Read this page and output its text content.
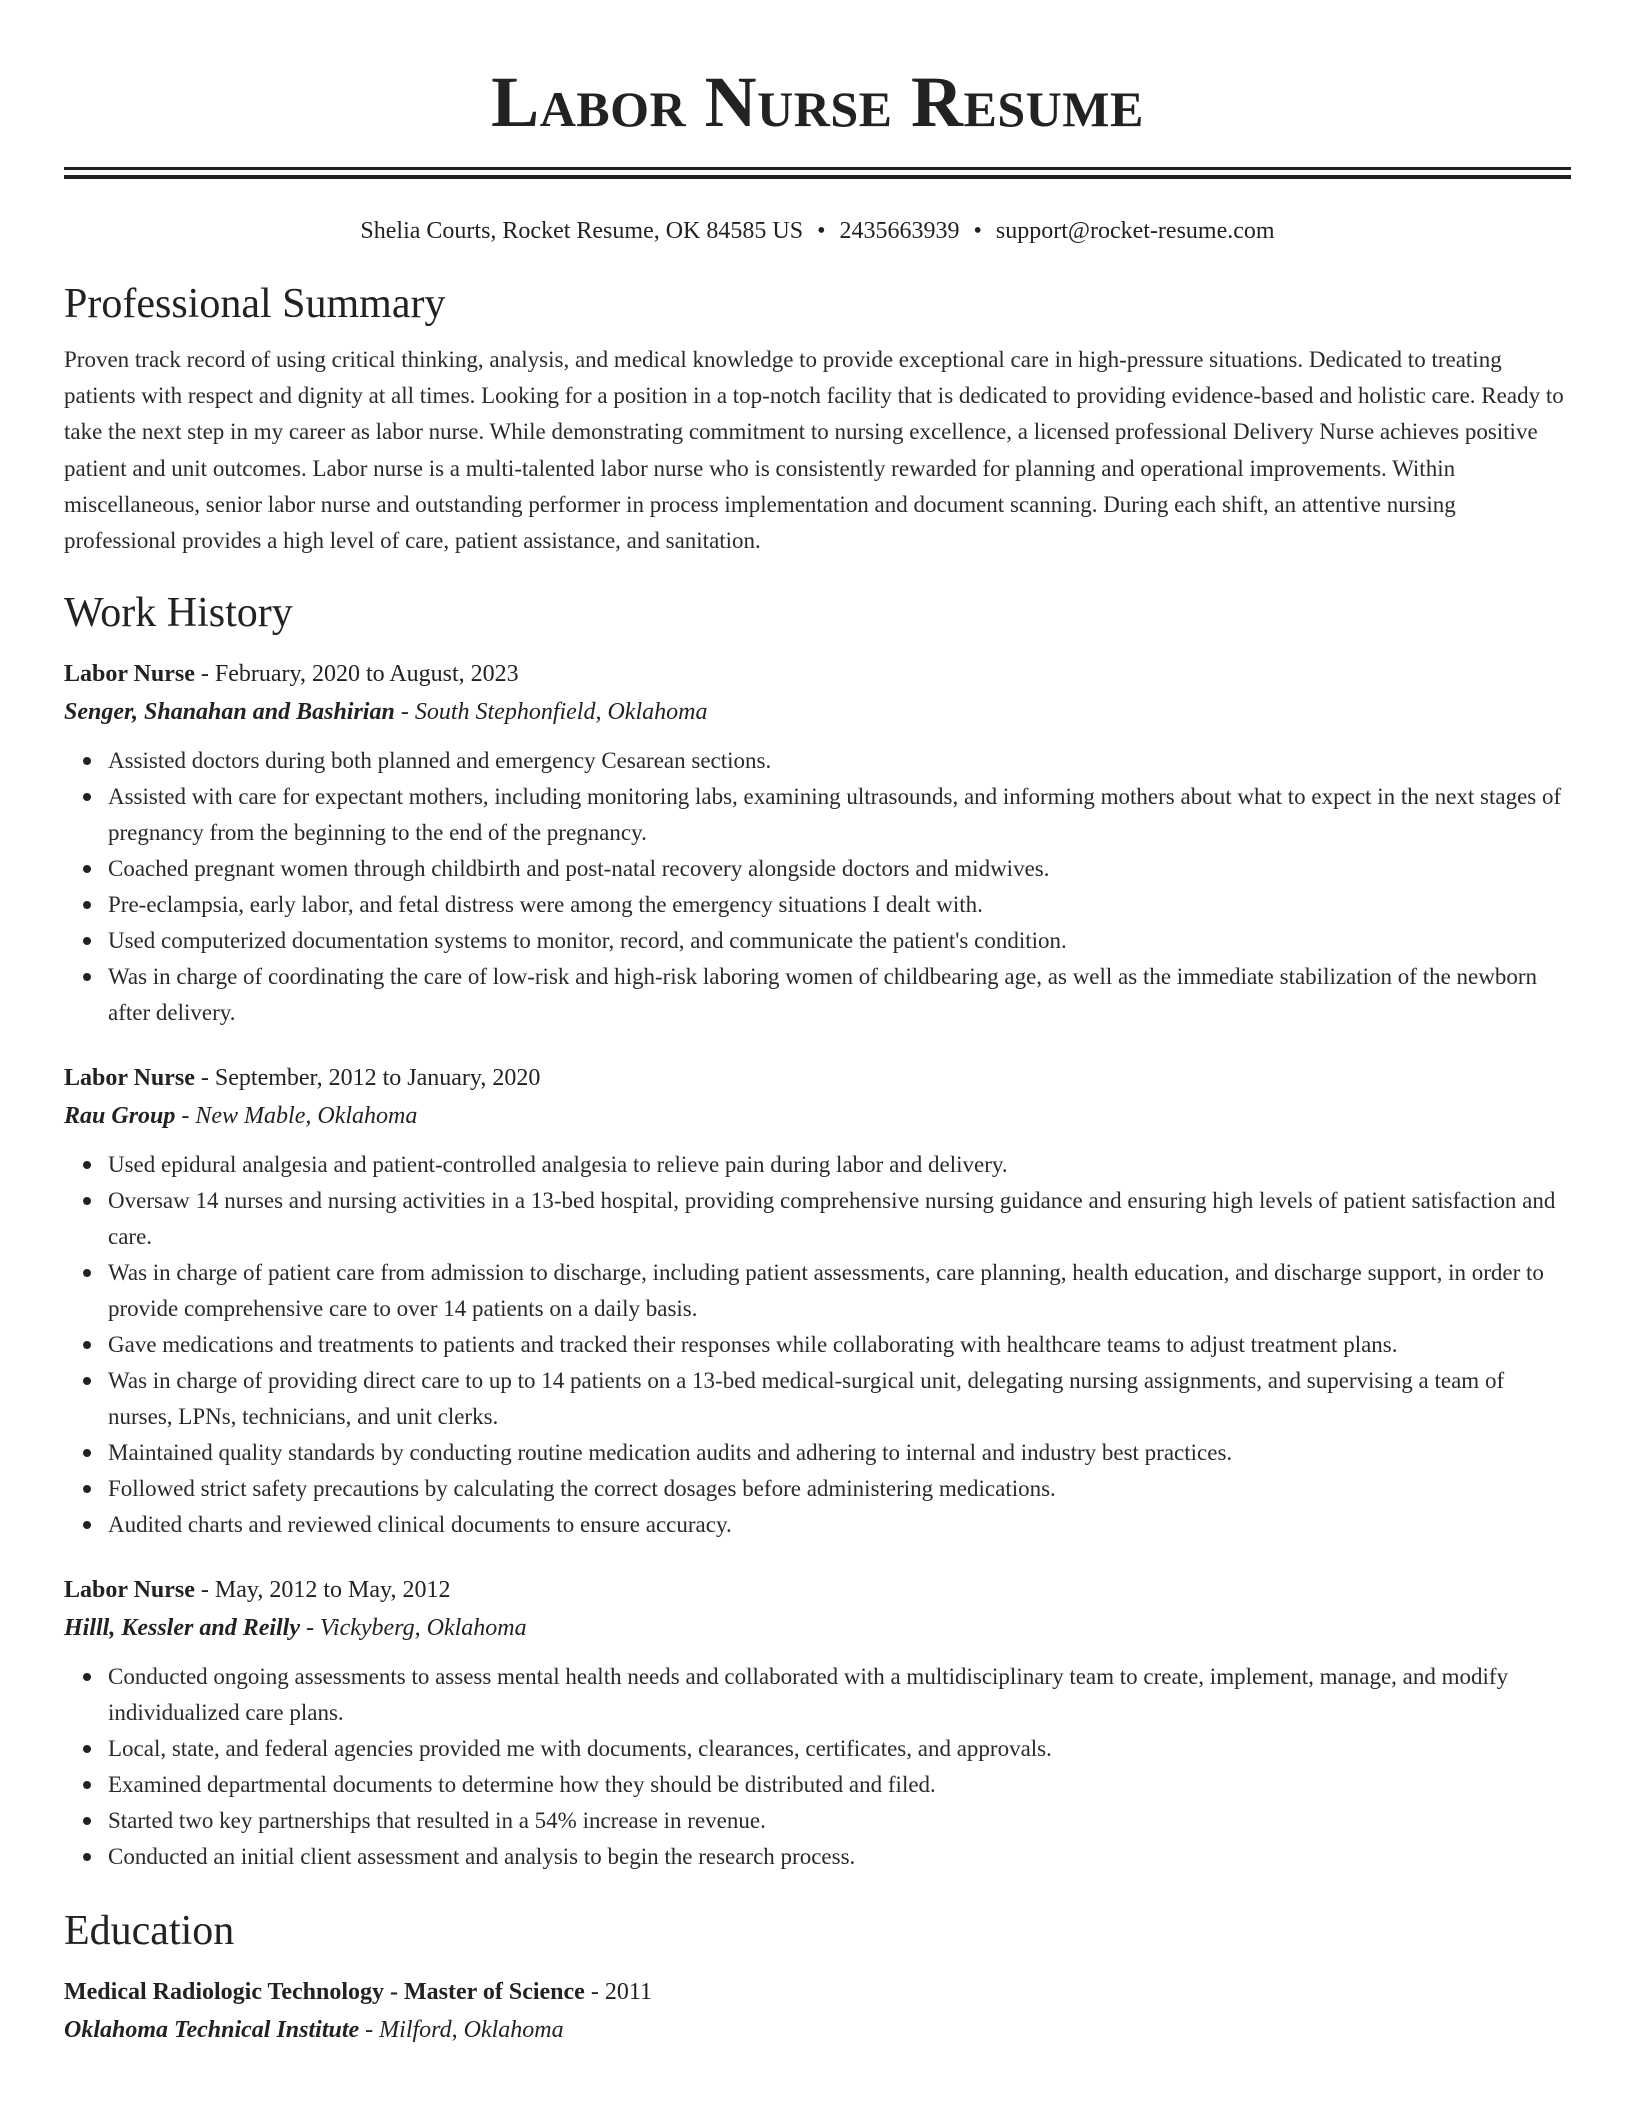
Labor Nurse Resume
Shelia Courts, Rocket Resume, OK 84585 US • 2435663939 • support@rocket-resume.com
Professional Summary

Proven track record of using critical thinking, analysis, and medical knowledge to provide exceptional care in high-pressure situations. Dedicated to treating patients with respect and dignity at all times. Looking for a position in a top-notch facility that is dedicated to providing evidence-based and holistic care. Ready to take the next step in my career as labor nurse. While demonstrating commitment to nursing excellence, a licensed professional Delivery Nurse achieves positive patient and unit outcomes. Labor nurse is a multi-talented labor nurse who is consistently rewarded for planning and operational improvements. Within miscellaneous, senior labor nurse and outstanding performer in process implementation and document scanning. During each shift, an attentive nursing professional provides a high level of care, patient assistance, and sanitation.

Work History
Labor Nurse - February, 2020 to August, 2023
Senger, Shanahan and Bashirian - South Stephonfield, Oklahoma
Assisted doctors during both planned and emergency Cesarean sections.
Assisted with care for expectant mothers, including monitoring labs, examining ultrasounds, and informing mothers about what to expect in the next stages of pregnancy from the beginning to the end of the pregnancy.
Coached pregnant women through childbirth and post-natal recovery alongside doctors and midwives.
Pre-eclampsia, early labor, and fetal distress were among the emergency situations I dealt with.
Used computerized documentation systems to monitor, record, and communicate the patient's condition.
Was in charge of coordinating the care of low-risk and high-risk laboring women of childbearing age, as well as the immediate stabilization of the newborn after delivery.
Labor Nurse - September, 2012 to January, 2020
Rau Group - New Mable, Oklahoma
Used epidural analgesia and patient-controlled analgesia to relieve pain during labor and delivery.
Oversaw 14 nurses and nursing activities in a 13-bed hospital, providing comprehensive nursing guidance and ensuring high levels of patient satisfaction and care.
Was in charge of patient care from admission to discharge, including patient assessments, care planning, health education, and discharge support, in order to provide comprehensive care to over 14 patients on a daily basis.
Gave medications and treatments to patients and tracked their responses while collaborating with healthcare teams to adjust treatment plans.
Was in charge of providing direct care to up to 14 patients on a 13-bed medical-surgical unit, delegating nursing assignments, and supervising a team of nurses, LPNs, technicians, and unit clerks.
Maintained quality standards by conducting routine medication audits and adhering to internal and industry best practices.
Followed strict safety precautions by calculating the correct dosages before administering medications.
Audited charts and reviewed clinical documents to ensure accuracy.
Labor Nurse - May, 2012 to May, 2012
Hilll, Kessler and Reilly - Vickyberg, Oklahoma
Conducted ongoing assessments to assess mental health needs and collaborated with a multidisciplinary team to create, implement, manage, and modify individualized care plans.
Local, state, and federal agencies provided me with documents, clearances, certificates, and approvals.
Examined departmental documents to determine how they should be distributed and filed.
Started two key partnerships that resulted in a 54% increase in revenue.
Conducted an initial client assessment and analysis to begin the research process.
Education
Medical Radiologic Technology - Master of Science - 2011
Oklahoma Technical Institute - Milford, Oklahoma
